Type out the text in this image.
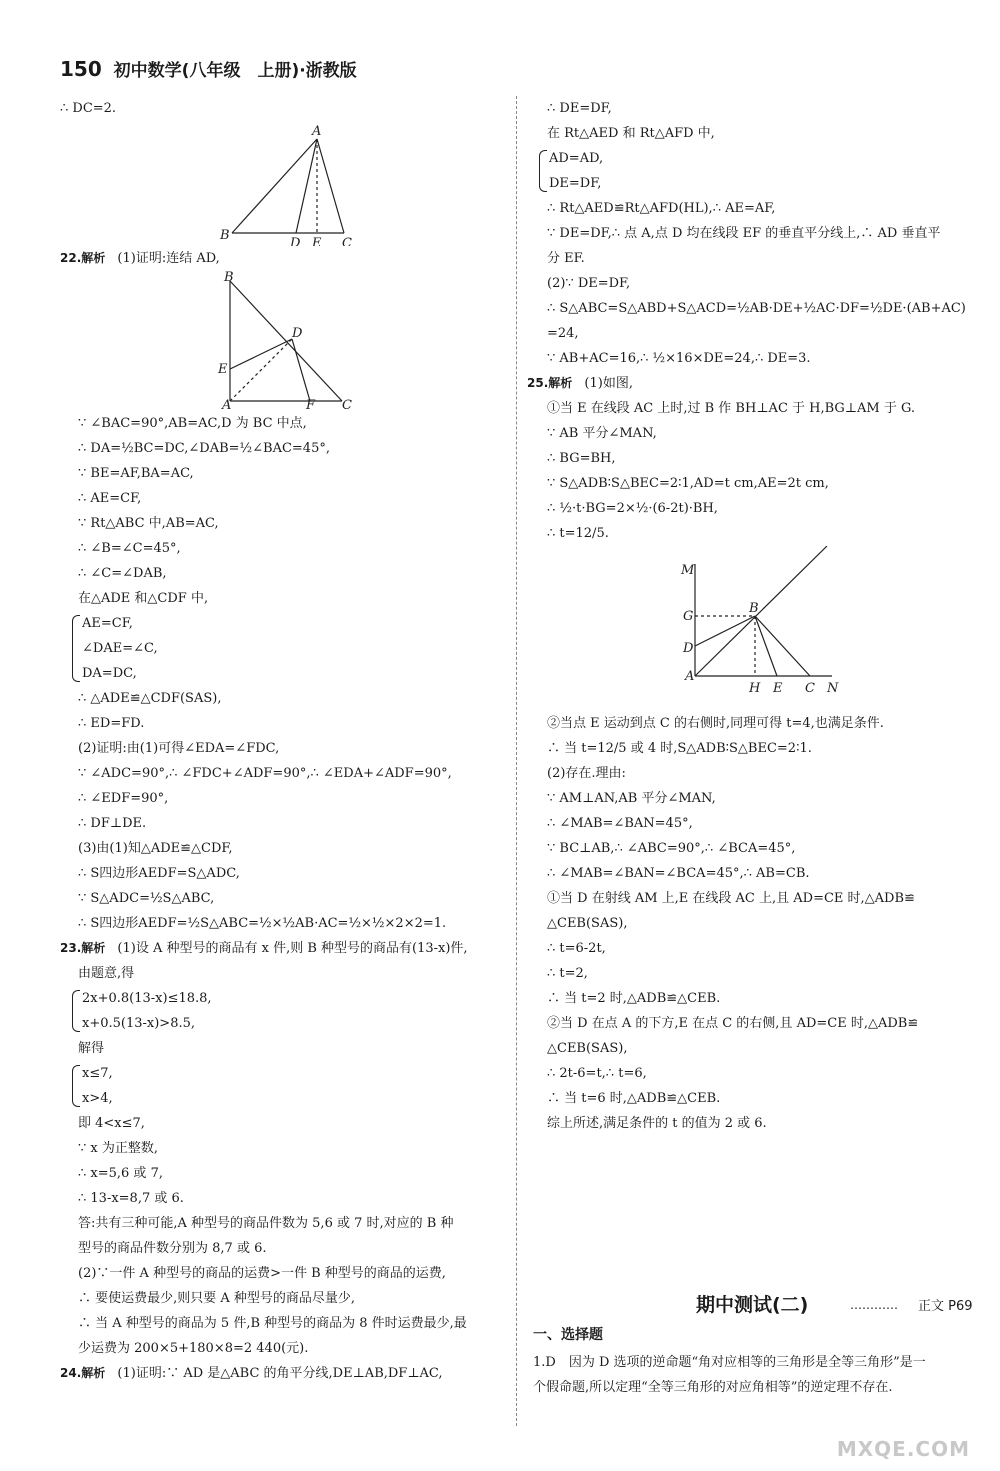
150 初中数学(八年级　上册)·浙教版
∴ DC=2.
A
B
D E C
22.解析 (1)证明:连结 AD,
B
D
E
A	F C
∵ ∠BAC=90°,AB=AC,D 为 BC 中点,
∴ DA=½BC=DC,∠DAB=½∠BAC=45°,
∵ BE=AF,BA=AC,
∴ AE=CF,
∵ Rt△ABC 中,AB=AC,
∴ ∠B=∠C=45°,
∴ ∠C=∠DAB,
在△ADE 和△CDF 中,
AE=CF,
∠DAE=∠C,
DA=DC,
∴ △ADE≌△CDF(SAS),
∴ ED=FD.
(2)证明:由(1)可得∠EDA=∠FDC,
∵ ∠ADC=90°,∴ ∠FDC+∠ADF=90°,∴ ∠EDA+∠ADF=90°,
∴ ∠EDF=90°,
∴ DF⊥DE.
(3)由(1)知△ADE≌△CDF,
∴ S四边形AEDF=S△ADC,
∵ S△ADC=½S△ABC,
∴ S四边形AEDF=½S△ABC=½×½AB·AC=½×½×2×2=1.
23.解析 (1)设 A 种型号的商品有 x 件,则 B 种型号的商品有(13-x)件,
由题意,得
2x+0.8(13-x)≤18.8,
x+0.5(13-x)>8.5,
解得
x≤7,
x>4,
即 4<x≤7,
∵ x 为正整数,
∴ x=5,6 或 7,
∴ 13-x=8,7 或 6.
答:共有三种可能,A 种型号的商品件数为 5,6 或 7 时,对应的 B 种
型号的商品件数分别为 8,7 或 6.
(2)∵一件 A 种型号的商品的运费>一件 B 种型号的商品的运费,
∴ 要使运费最少,则只要 A 种型号的商品尽量少,
∴ 当 A 种型号的商品为 5 件,B 种型号的商品为 8 件时运费最少,最
少运费为 200×5+180×8=2 440(元).
24.解析 (1)证明:∵ AD 是△ABC 的角平分线,DE⊥AB,DF⊥AC,
∴ DE=DF,
在 Rt△AED 和 Rt△AFD 中,
AD=AD,
DE=DF,
∴ Rt△AED≌Rt△AFD(HL),∴ AE=AF,
∵ DE=DF,∴ 点 A,点 D 均在线段 EF 的垂直平分线上,∴ AD 垂直平
分 EF.
(2)∵ DE=DF,
∴ S△ABC=S△ABD+S△ACD=½AB·DE+½AC·DF=½DE·(AB+AC)
=24,
∵ AB+AC=16,∴ ½×16×DE=24,∴ DE=3.
25.解析 (1)如图,
①当 E 在线段 AC 上时,过 B 作 BH⊥AC 于 H,BG⊥AM 于 G.
∵ AB 平分∠MAN,
∴ BG=BH,
∵ S△ADB∶S△BEC=2∶1,AD=t cm,AE=2t cm,
∴ ½·t·BG=2×½·(6-2t)·BH,
∴ t=12/5.
M
G
B
D
A
H E C N
②当点 E 运动到点 C 的右侧时,同理可得 t=4,也满足条件.
∴ 当 t=12/5 或 4 时,S△ADB∶S△BEC=2∶1.
(2)存在.理由:
∵ AM⊥AN,AB 平分∠MAN,
∴ ∠MAB=∠BAN=45°,
∵ BC⊥AB,∴ ∠ABC=90°,∴ ∠BCA=45°,
∴ ∠MAB=∠BAN=∠BCA=45°,∴ AB=CB.
①当 D 在射线 AM 上,E 在线段 AC 上,且 AD=CE 时,△ADB≌
△CEB(SAS),
∴ t=6-2t,
∴ t=2,
∴ 当 t=2 时,△ADB≌△CEB.
②当 D 在点 A 的下方,E 在点 C 的右侧,且 AD=CE 时,△ADB≌
△CEB(SAS),
∴ 2t-6=t,∴ t=6,
∴ 当 t=6 时,△ADB≌△CEB.
综上所述,满足条件的 t 的值为 2 或 6.
期中测试(二)	………… 正文 P69
一、选择题
1.D　因为 D 选项的逆命题“角对应相等的三角形是全等三角形”是一
个假命题,所以定理“全等三角形的对应角相等”的逆定理不存在.
MXQE.COM
